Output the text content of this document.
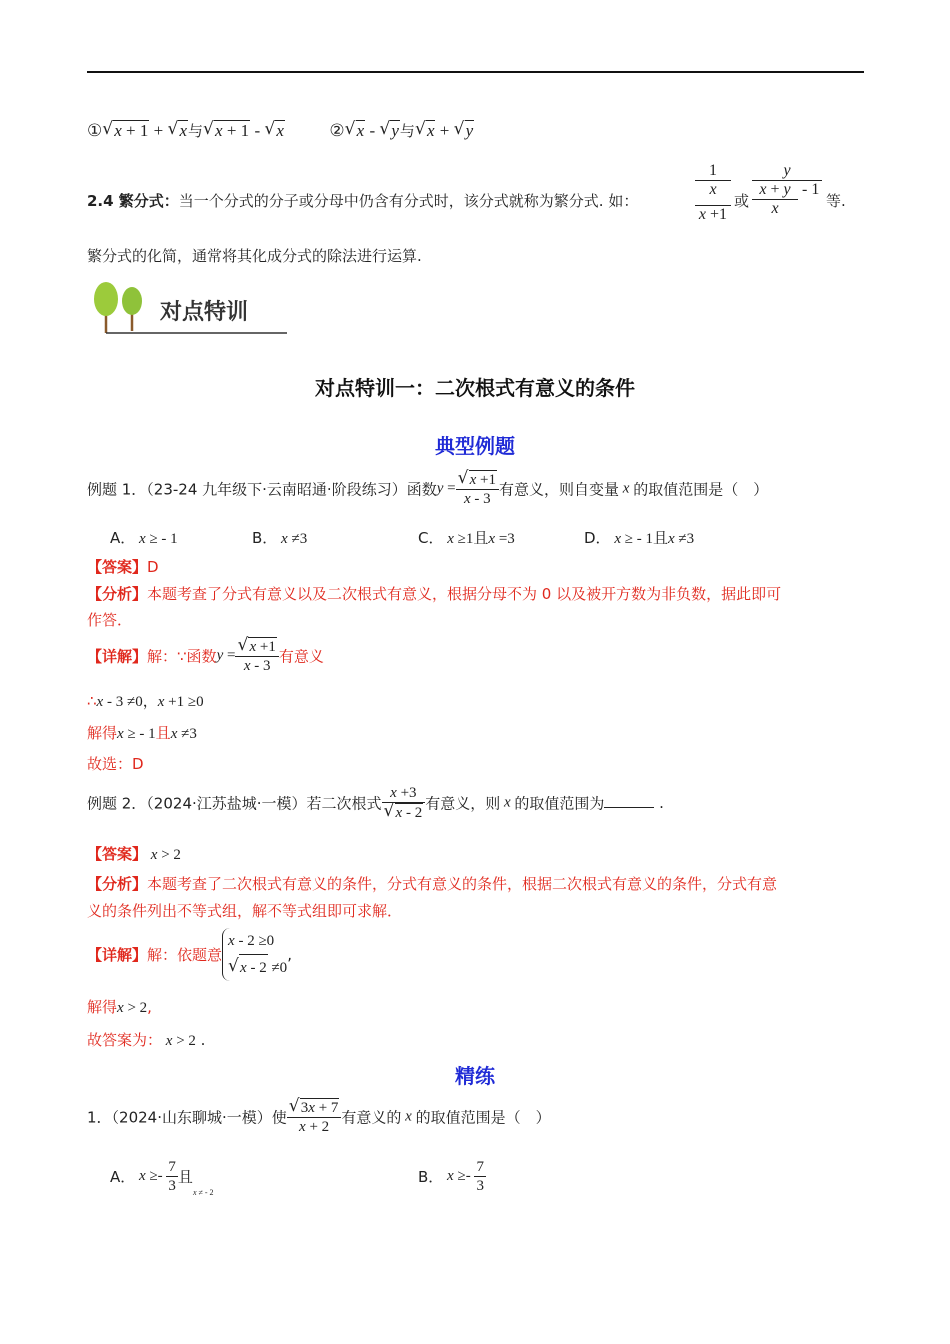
① √ x + 1 + √ x与 √ x + 1 - √ x	② √ x - √ y与 √ x + √ y
2.4 繁分式：当一个分式的分子或分母中仍含有分式时，该分式就称为繁分式. 如：
1
x
x +1
或
y
x + y - 1
x	等.
繁分式的化简，通常将其化成分式的除法进行运算.
对点特训
对点特训一：二次根式有意义的条件
典型例题
例题 1．（23-24 九年级下·云南昭通·阶段练习）函数y = √ $\frac{x +1}{x - 3}$ 有意义，则自变量 x 的取值范围是（　）
A． x ≥ - 1	B． x ≠3	C． x ≥1且x =3	D． x ≥ - 1且x ≠3
【答案】D
【分析】本题考查了分式有意义以及二次根式有意义，根据分母不为 0 以及被开方数为非负数，据此即可
作答．
【详解】解：∵函数y = √ $\frac{x +1}{x - 3}$ 有意义
∴x - 3 ≠0，x +1 ≥0
解得x ≥ - 1且x ≠3
故选：D
例题 2．（2024·江苏盐城·一模）若二次根式 x +3
√ x - 2 有意义，则 x 的取值范围为	.
【答案】 x > 2
【分析】本题考查了二次根式有意义的条件，分式有意义的条件，根据二次根式有意义的条件，分式有意
义的条件列出不等式组，解不等式组即可求解．
【详解】解：依题意
x - 2 ≥0
√ x - 2 ≠0
,
解得x > 2,
故答案为： x > 2 .
精练
1．（2024·山东聊城·一模）使 √ $\frac{3x + 7}{x + 2}$ 有意义的 x 的取值范围是（　）
A． $x \ge- \frac{7}{3}$ 且$_{x \ne - 2}$
B． $x \ge- \frac{7}{3}$
